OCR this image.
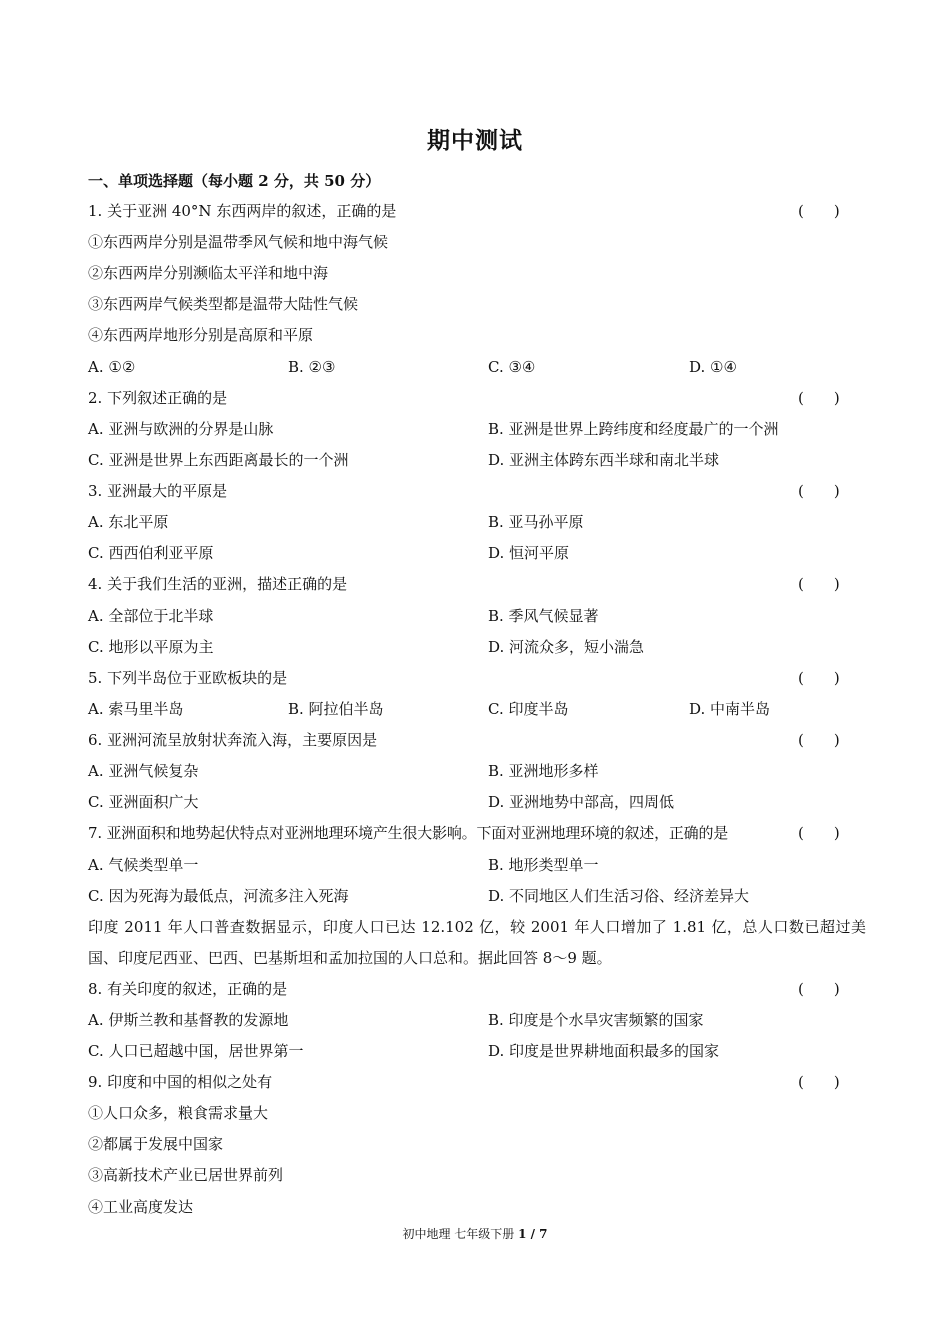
期中测试
一、单项选择题（每小题 2 分，共 50 分）
1. 关于亚洲 40°N 东西两岸的叙述，正确的是	(　　)
①东西两岸分别是温带季风气候和地中海气候
②东西两岸分别濒临太平洋和地中海
③东西两岸气候类型都是温带大陆性气候
④东西两岸地形分别是高原和平原
A. ①②	B. ②③	C. ③④	D. ①④
2. 下列叙述正确的是	(　　)
A. 亚洲与欧洲的分界是山脉	B. 亚洲是世界上跨纬度和经度最广的一个洲
C. 亚洲是世界上东西距离最长的一个洲	D. 亚洲主体跨东西半球和南北半球
3. 亚洲最大的平原是	(　　)
A. 东北平原	B. 亚马孙平原
C. 西西伯利亚平原	D. 恒河平原
4. 关于我们生活的亚洲，描述正确的是	(　　)
A. 全部位于北半球	B. 季风气候显著
C. 地形以平原为主	D. 河流众多，短小湍急
5. 下列半岛位于亚欧板块的是	(　　)
A. 索马里半岛	B. 阿拉伯半岛	C. 印度半岛	D. 中南半岛
6. 亚洲河流呈放射状奔流入海，主要原因是	(　　)
A. 亚洲气候复杂	B. 亚洲地形多样
C. 亚洲面积广大	D. 亚洲地势中部高，四周低
7. 亚洲面积和地势起伏特点对亚洲地理环境产生很大影响。下面对亚洲地理环境的叙述，正确的是	(　　)
A. 气候类型单一	B. 地形类型单一
C. 因为死海为最低点，河流多注入死海	D. 不同地区人们生活习俗、经济差异大
印度 2011 年人口普查数据显示，印度人口已达 12.102 亿，较 2001 年人口增加了 1.81 亿，总人口数已超过美国、印度尼西亚、巴西、巴基斯坦和孟加拉国的人口总和。据此回答 8～9 题。
8. 有关印度的叙述，正确的是	(　　)
A. 伊斯兰教和基督教的发源地	B. 印度是个水旱灾害频繁的国家
C. 人口已超越中国，居世界第一	D. 印度是世界耕地面积最多的国家
9. 印度和中国的相似之处有	(　　)
①人口众多，粮食需求量大
②都属于发展中国家
③高新技术产业已居世界前列
④工业高度发达
初中地理 七年级下册 1 / 7
